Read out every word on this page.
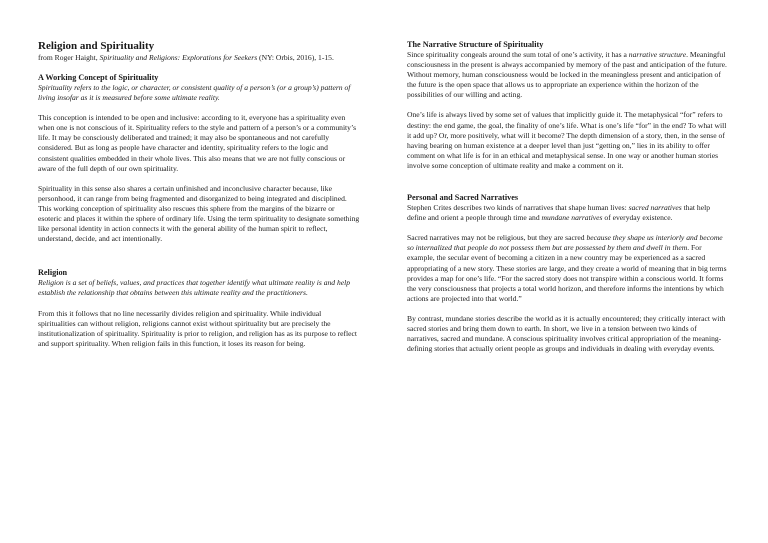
Religion and Spirituality

from Roger Haight, Spirituality and Religions: Explorations for Seekers (NY: Orbis, 2016), 1-15.

A Working Concept of Spirituality

Spirituality refers to the logic, or character, or consistent quality of a person’s (or a group’s) pattern of living insofar as it is measured before some ultimate reality.

This conception is intended to be open and inclusive: according to it, everyone has a spirituality even when one is not conscious of it. Spirituality refers to the style and pattern of a person’s or a community’s life. It may be consciously deliberated and trained; it may also be spontaneous and not carefully considered. But as long as people have character and identity, spirituality refers to the logic and consistent qualities embedded in their whole lives. This also means that we are not fully conscious or aware of the full depth of our own spirituality.

Spirituality in this sense also shares a certain unfinished and inconclusive character because, like personhood, it can range from being fragmented and disorganized to being integrated and disciplined. This working conception of spirituality also rescues this sphere from the margins of the bizarre or esoteric and places it within the sphere of ordinary life. Using the term spirituality to designate something like personal identity in action connects it with the general ability of the human spirit to reflect, understand, decide, and act intentionally.

Religion

Religion is a set of beliefs, values, and practices that together identify what ultimate reality is and help establish the relationship that obtains between this ultimate reality and the practitioners.

From this it follows that no line necessarily divides religion and spirituality. While individual spiritualities can without religion, religions cannot exist without spirituality but are precisely the institutionalization of spirituality. Spirituality is prior to religion, and religion has as its purpose to reflect and support spirituality. When religion fails in this function, it loses its reason for being.

The Narrative Structure of Spirituality

Since spirituality congeals around the sum total of one’s activity, it has a narrative structure. Meaningful consciousness in the present is always accompanied by memory of the past and anticipation of the future. Without memory, human consciousness would be locked in the meaningless present and anticipation of the future is the open space that allows us to appropriate an experience within the horizon of the possibilities of our willing and acting.

One’s life is always lived by some set of values that implicitly guide it. The metaphysical “for” refers to destiny: the end game, the goal, the finality of one’s life. What is one’s life “for” in the end? To what will it add up? Or, more positively, what will it become? The depth dimension of a story, then, in the sense of having bearing on human existence at a deeper level than just “getting on,” lies in its ability to offer comment on what life is for in an ethical and metaphysical sense. In one way or another human stories involve some conception of ultimate reality and make a comment on it.

Personal and Sacred Narratives

Stephen Crites describes two kinds of narratives that shape human lives: sacred narratives that help define and orient a people through time and mundane narratives of everyday existence.

Sacred narratives may not be religious, but they are sacred because they shape us interiorly and become so internalized that people do not possess them but are possessed by them and dwell in them. For example, the secular event of becoming a citizen in a new country may be experienced as a sacred appropriating of a new story. These stories are large, and they create a world of meaning that in big terms provides a map for one’s life. “For the sacred story does not transpire within a conscious world. It forms the very consciousness that projects a total world horizon, and therefore informs the intentions by which actions are projected into that world.”

By contrast, mundane stories describe the world as it is actually encountered; they critically interact with sacred stories and bring them down to earth. In short, we live in a tension between two kinds of narratives, sacred and mundane. A conscious spirituality involves critical appropriation of the meaning-defining stories that actually orient people as groups and individuals in dealing with everyday events.
